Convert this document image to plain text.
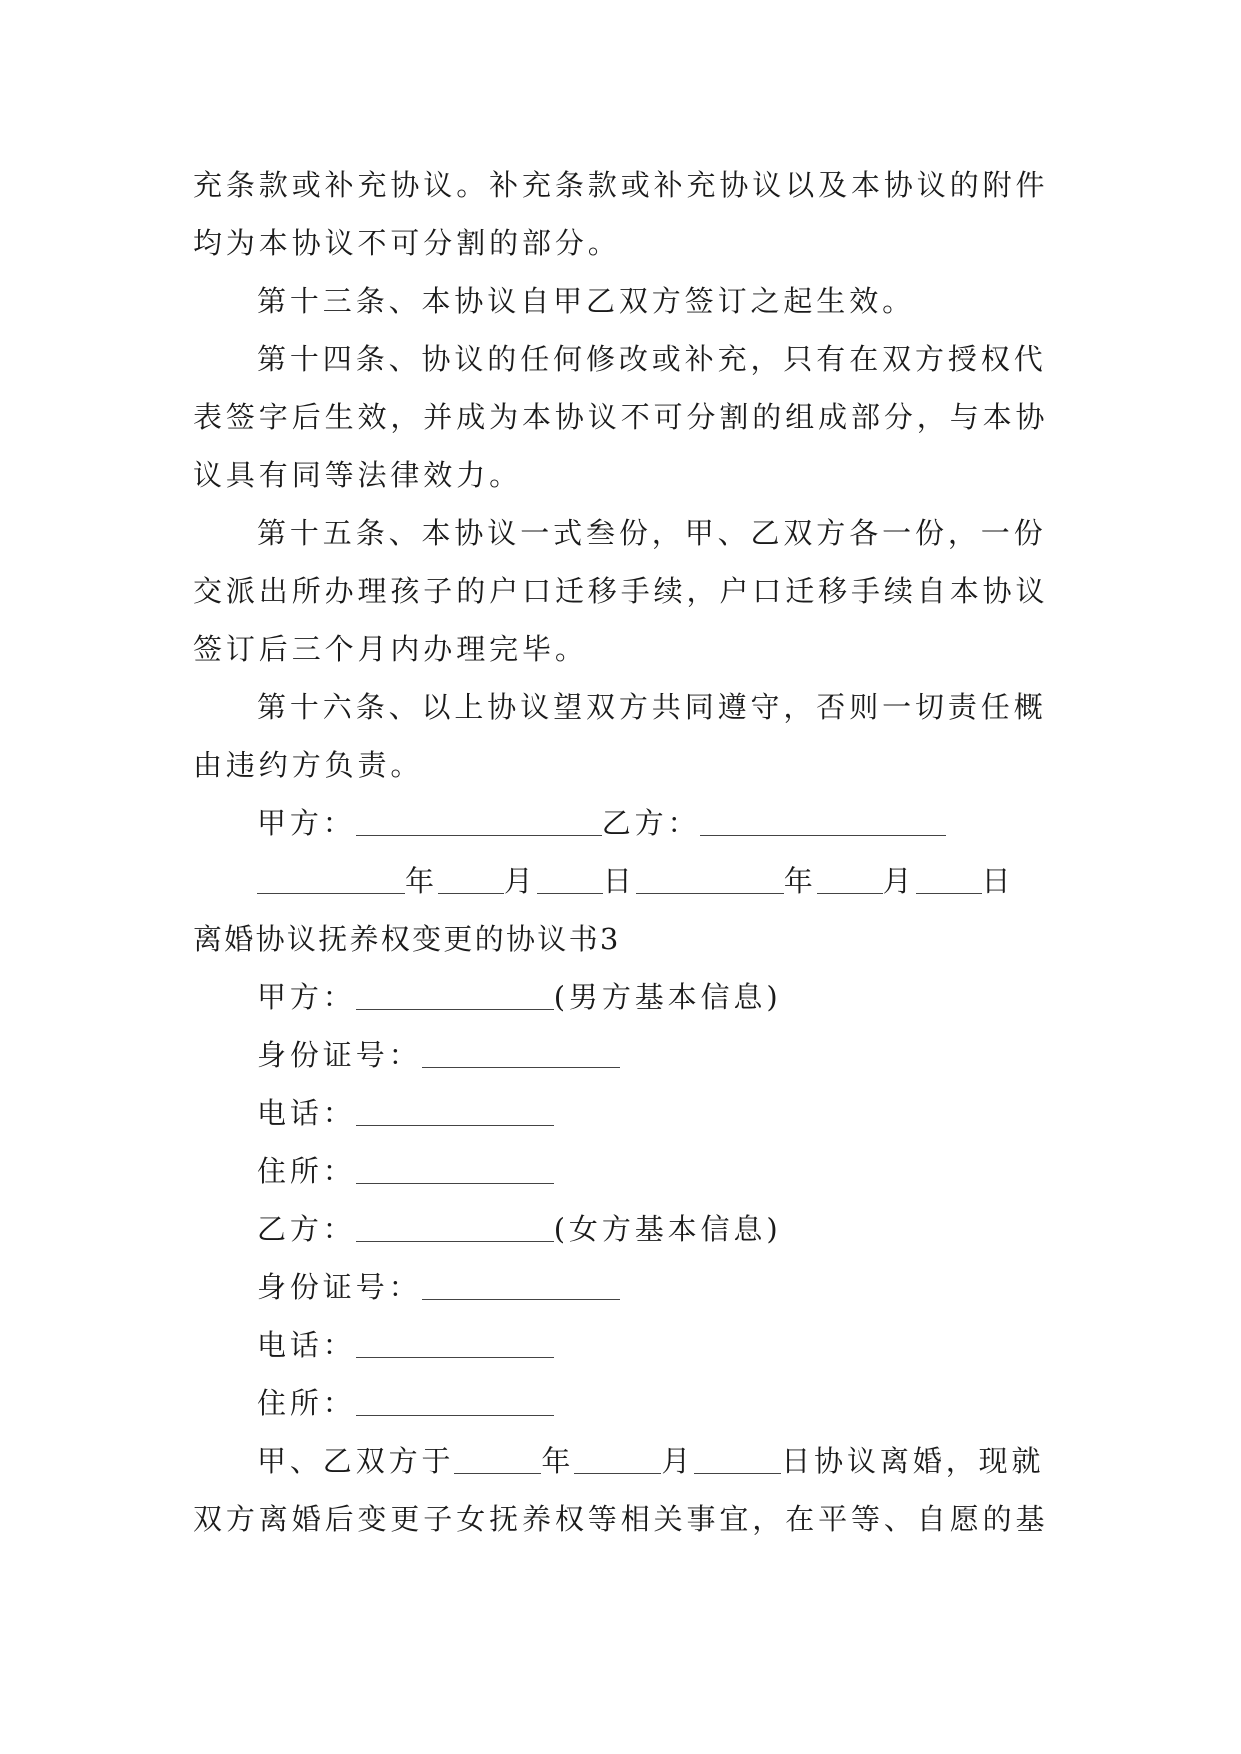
充条款或补充协议。补充条款或补充协议以及本协议的附件
均为本协议不可分割的部分。
第十三条、本协议自甲乙双方签订之起生效。
第十四条、协议的任何修改或补充，只有在双方授权代
表签字后生效，并成为本协议不可分割的组成部分，与本协
议具有同等法律效力。
第十五条、本协议一式叁份，甲、乙双方各一份，一份
交派出所办理孩子的户口迁移手续，户口迁移手续自本协议
签订后三个月内办理完毕。
第十六条、以上协议望双方共同遵守，否则一切责任概
由违约方负责。
甲方：	乙方：
年 月 日	年 月 日
离婚协议抚养权变更的协议书3
甲方：	(男方基本信息)
身份证号：
电话：
住所：
乙方：	(女方基本信息)
身份证号：
电话：
住所：
甲、乙双方于	年	月	日协议离婚，现就
双方离婚后变更子女抚养权等相关事宜，在平等、自愿的基
